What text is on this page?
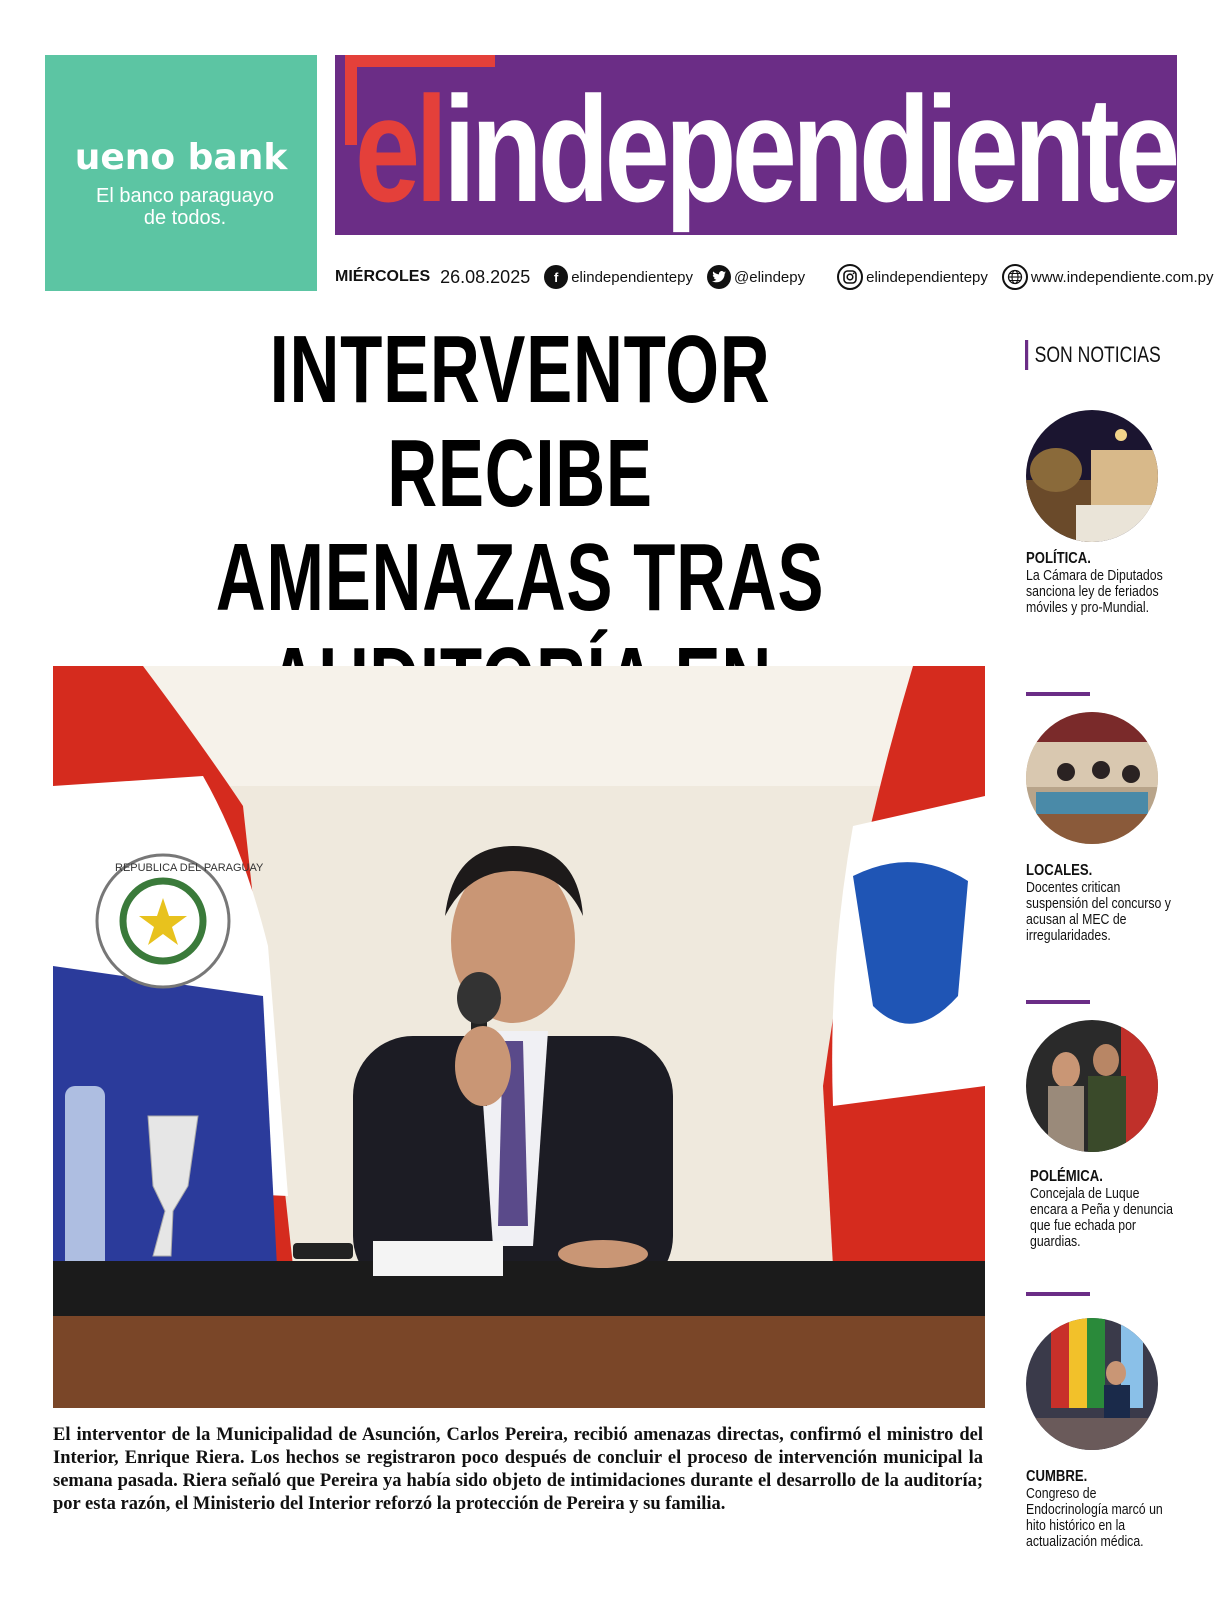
ueno bank
El banco paraguayo de todos. elindependiente
MIÉRCOLES 26.08.2025	f elindependientepy	@elindepy	elindependientepy	www.independiente.com.py
INTERVENTOR RECIBE
AMENAZAS TRAS
REPUBLICA DEL PARAGUAY
El interventor de la Municipalidad de Asunción, Carlos Pereira, recibió amenazas directas, confirmó el ministro del Interior, Enrique Riera. Los hechos se registraron poco después de concluir el proceso de intervención municipal la semana pasada. Riera señaló que Pereira ya había sido objeto de intimidaciones durante el desarrollo de la auditoría; por esta razón, el Ministerio del Interior reforzó la protección de Pereira y su familia.
SON NOTICIAS
POLÍTICA.
La Cámara de Diputados sanciona ley de feriados móviles y pro-Mundial.
LOCALES.
Docentes critican suspensión del concurso y acusan al MEC de irregularidades.
POLÉMICA.
Concejala de Luque encara a Peña y denuncia que fue echada por guardias.
CUMBRE.
Congreso de Endocrinología marcó un hito histórico en la actualización médica.
